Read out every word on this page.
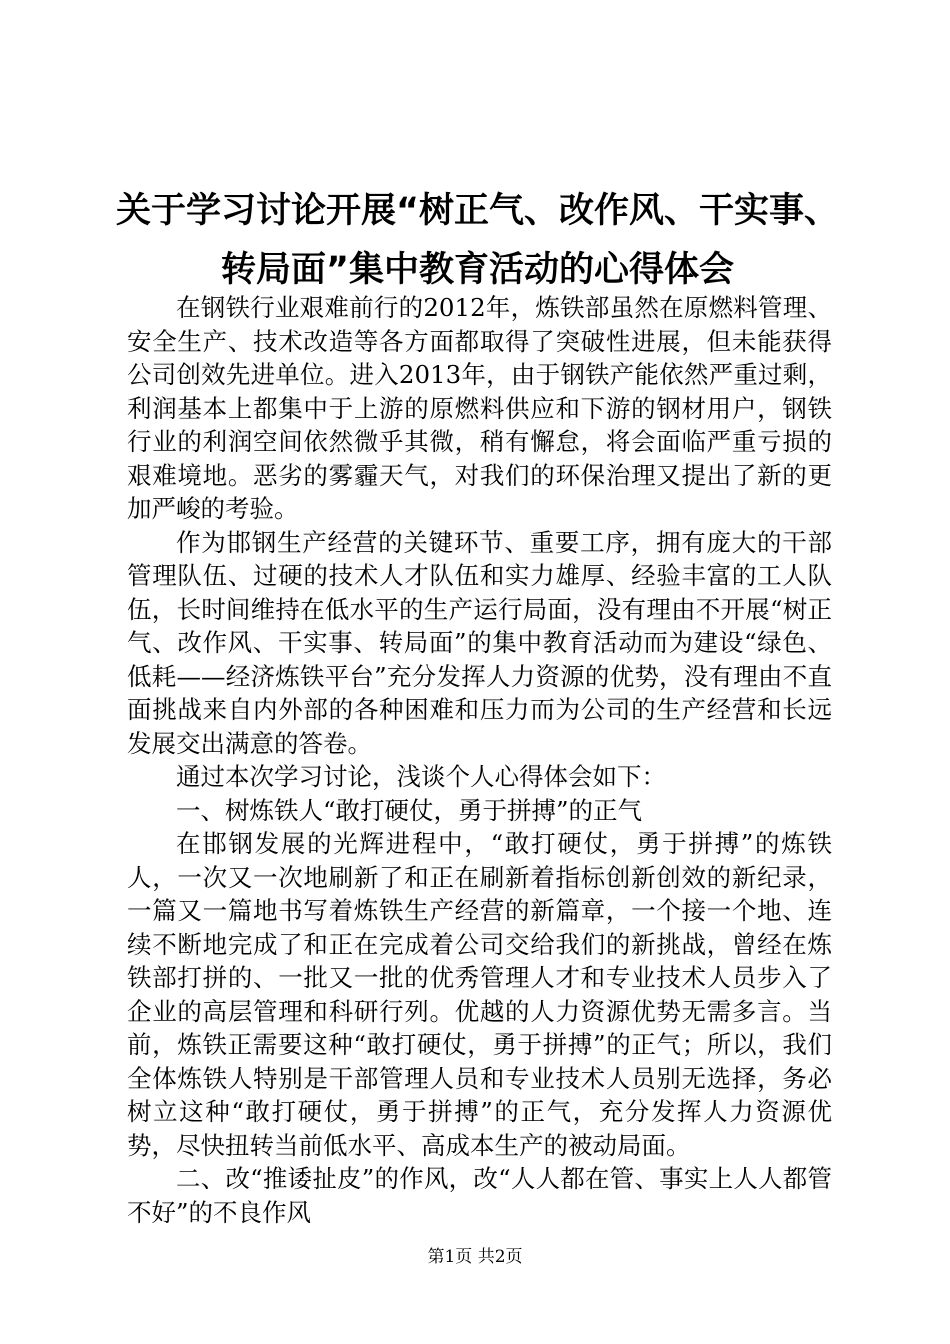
关于学习讨论开展“树正气、改作风、干实事、
转局面”集中教育活动的心得体会

在钢铁行业艰难前行的2012年，炼铁部虽然在原燃料管理、安全生产、技术改造等各方面都取得了突破性进展，但未能获得公司创效先进单位。进入2013年，由于钢铁产能依然严重过剩，利润基本上都集中于上游的原燃料供应和下游的钢材用户，钢铁行业的利润空间依然微乎其微，稍有懈怠，将会面临严重亏损的艰难境地。恶劣的雾霾天气，对我们的环保治理又提出了新的更加严峻的考验。

作为邯钢生产经营的关键环节、重要工序，拥有庞大的干部管理队伍、过硬的技术人才队伍和实力雄厚、经验丰富的工人队伍，长时间维持在低水平的生产运行局面，没有理由不开展“树正气、改作风、干实事、转局面”的集中教育活动而为建设“绿色、低耗——经济炼铁平台”充分发挥人力资源的优势，没有理由不直面挑战来自内外部的各种困难和压力而为公司的生产经营和长远发展交出满意的答卷。

通过本次学习讨论，浅谈个人心得体会如下：

一、树炼铁人“敢打硬仗，勇于拼搏”的正气

在邯钢发展的光辉进程中，“敢打硬仗，勇于拼搏”的炼铁人，一次又一次地刷新了和正在刷新着指标创新创效的新纪录，一篇又一篇地书写着炼铁生产经营的新篇章，一个接一个地、连续不断地完成了和正在完成着公司交给我们的新挑战，曾经在炼铁部打拼的、一批又一批的优秀管理人才和专业技术人员步入了企业的高层管理和科研行列。优越的人力资源优势无需多言。当前，炼铁正需要这种“敢打硬仗，勇于拼搏”的正气；所以，我们全体炼铁人特别是干部管理人员和专业技术人员别无选择，务必树立这种“敢打硬仗，勇于拼搏”的正气，充分发挥人力资源优势，尽快扭转当前低水平、高成本生产的被动局面。

二、改“推诿扯皮”的作风，改“人人都在管、事实上人人都管不好”的不良作风

第1页 共2页
